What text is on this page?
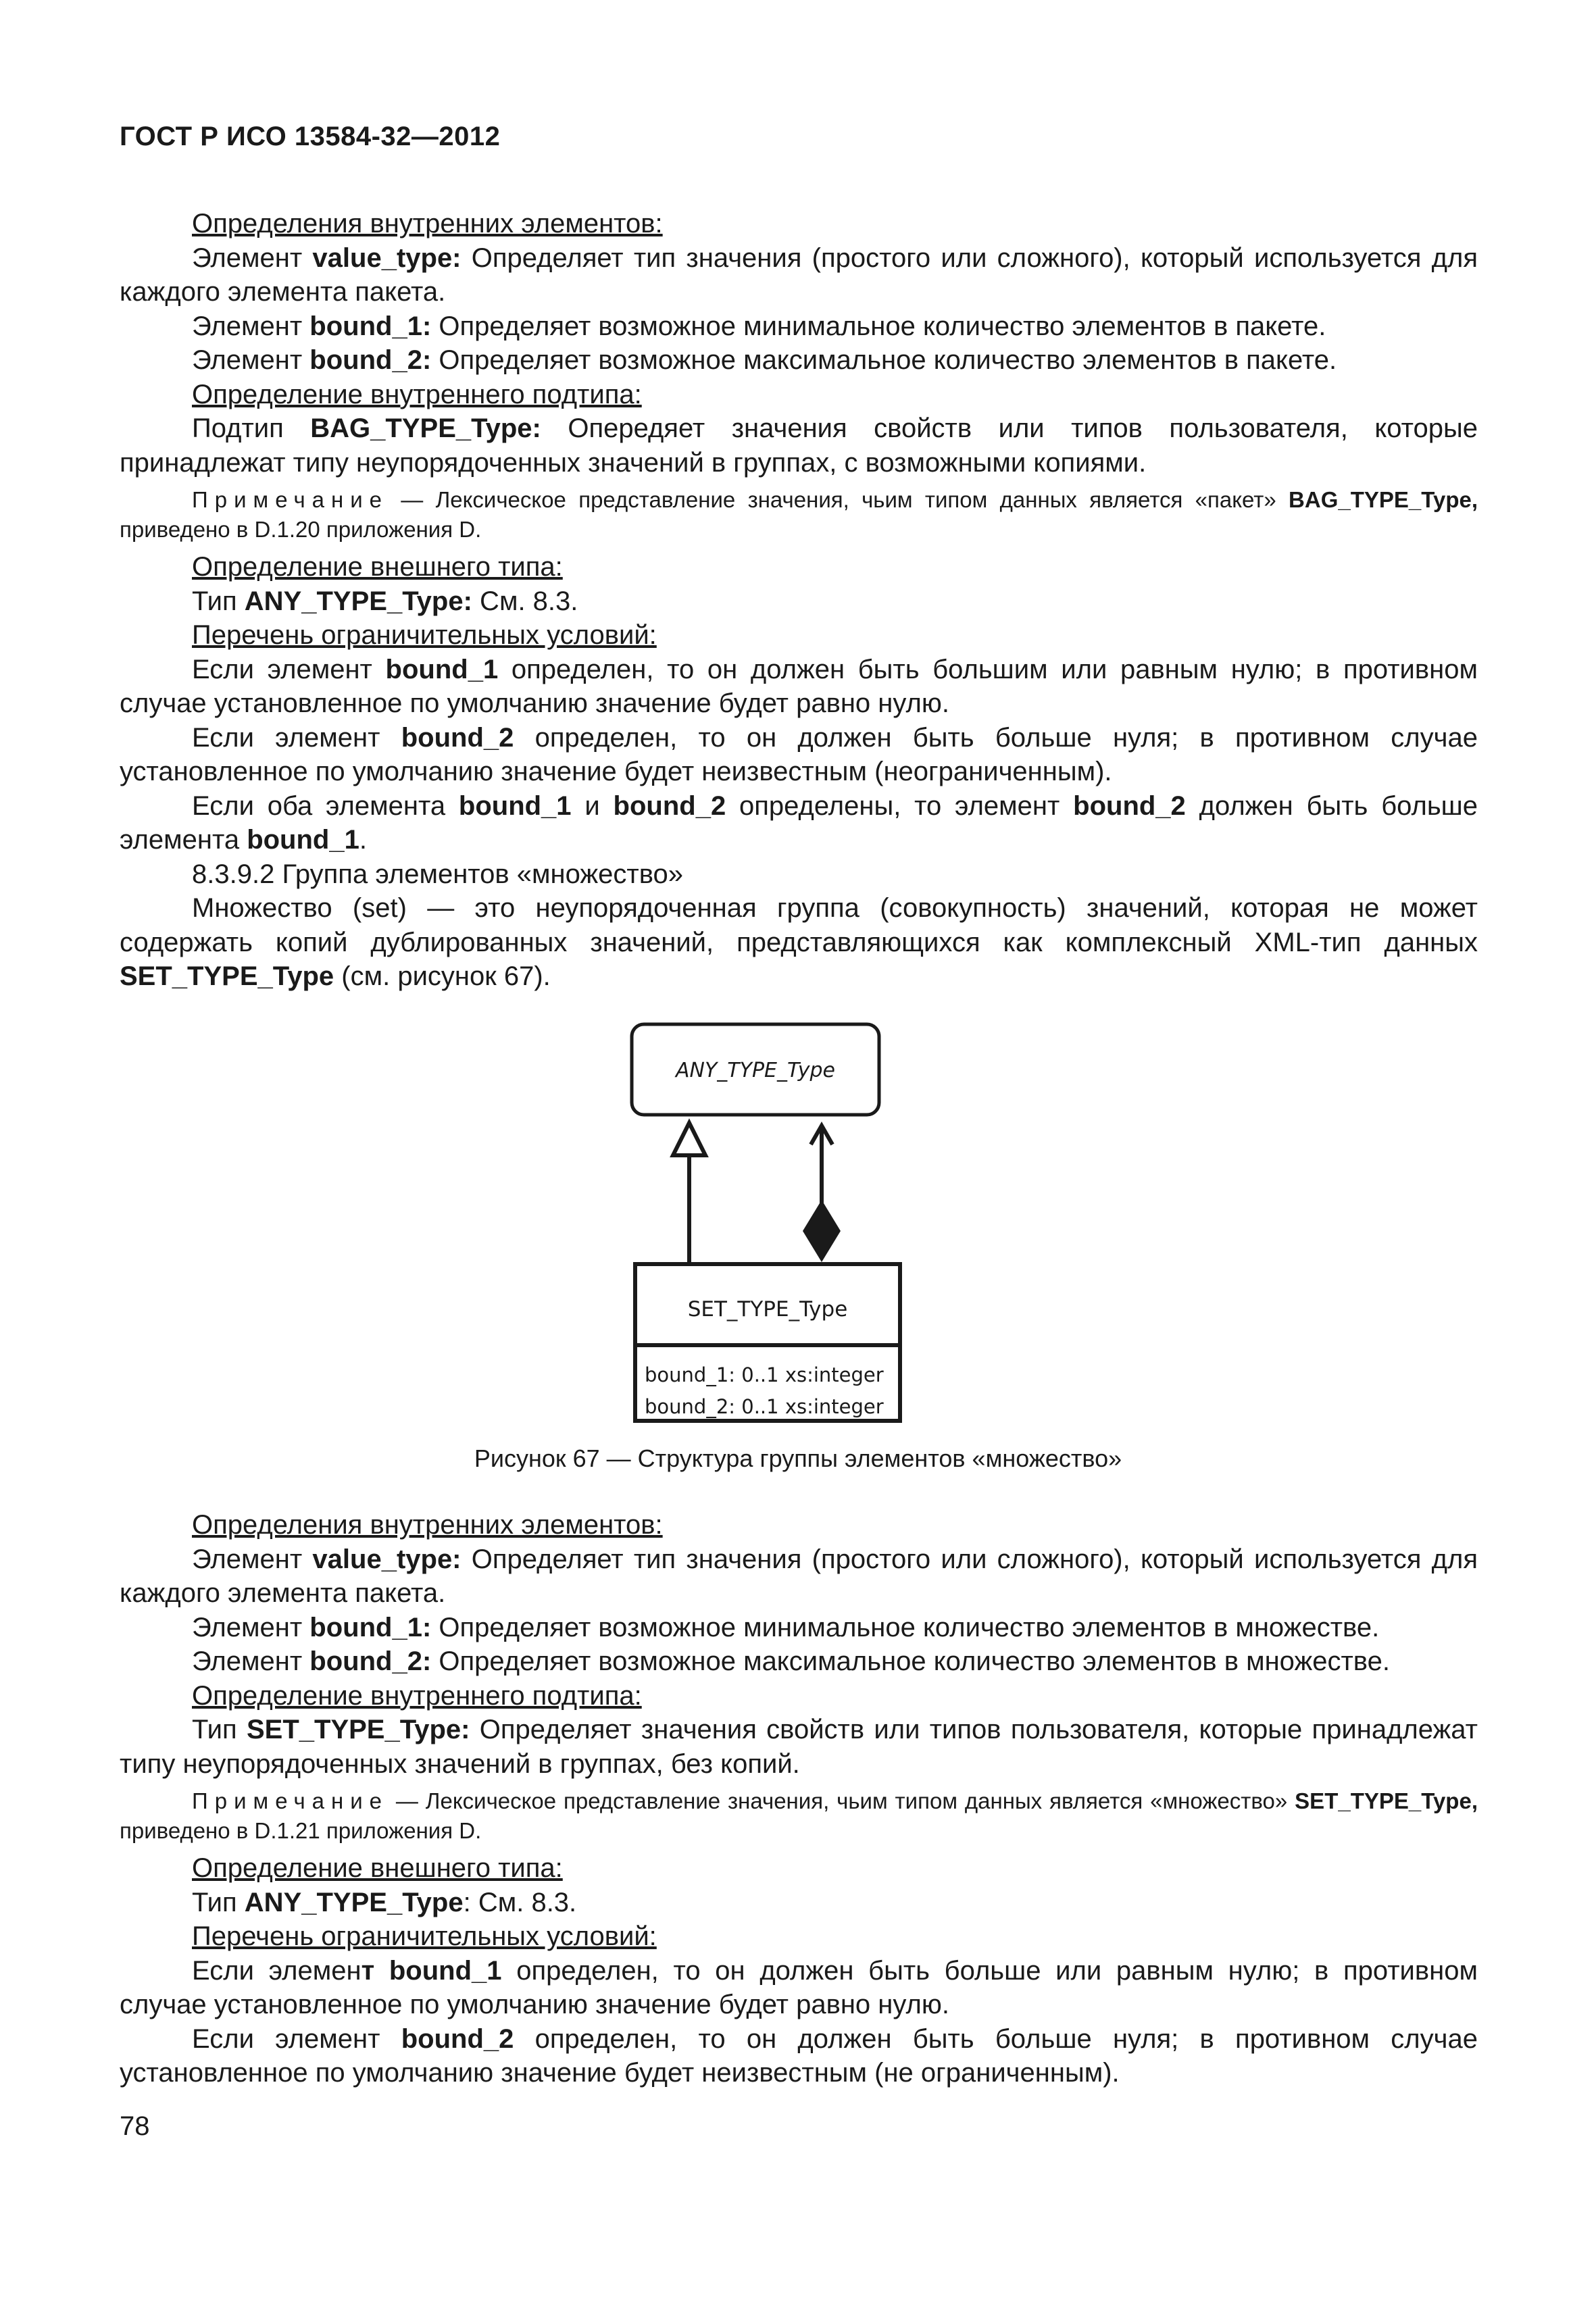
ГОСТ Р ИСО 13584-32—2012

Определения внутренних элементов:

Элемент value_type: Определяет тип значения (простого или сложного), который используется для каждого элемента пакета.

Элемент bound_1: Определяет возможное минимальное количество элементов в пакете.

Элемент bound_2: Определяет возможное максимальное количество элементов в пакете.

Определение внутреннего подтипа:

Подтип BAG_TYPE_Type: Опередяет значения свойств или типов пользователя, которые принадлежат типу неупорядоченных значений в группах, с возможными копиями.

Примечание — Лексическое представление значения, чьим типом данных является «пакет» BAG_TYPE_Type, приведено в D.1.20 приложения D.

Определение внешнего типа:

Тип ANY_TYPE_Type: См. 8.3.

Перечень ограничительных условий:

Если элемент bound_1 определен, то он должен быть большим или равным нулю; в противном случае установленное по умолчанию значение будет равно нулю.

Если элемент bound_2 определен, то он должен быть больше нуля; в противном случае установленное по умолчанию значение будет неизвестным (неограниченным).

Если оба элемента bound_1 и bound_2 определены, то элемент bound_2 должен быть больше элемента bound_1.

8.3.9.2 Группа элементов «множество»

Множество (set) — это неупорядоченная группа (совокупность) значений, которая не может содержать копий дублированных значений, представляющихся как комплексный XML-тип данных SET_TYPE_Type (см. рисунок 67).

ANY_TYPE_Type
SET_TYPE_Type
bound_1: 0..1 xs:integer
bound_2: 0..1 xs:integer
Рисунок 67 — Структура группы элементов «множество»

Определения внутренних элементов:

Элемент value_type: Определяет тип значения (простого или сложного), который используется для каждого элемента пакета.

Элемент bound_1: Определяет возможное минимальное количество элементов в множестве.

Элемент bound_2: Определяет возможное максимальное количество элементов в множестве.

Определение внутреннего подтипа:

Тип SET_TYPE_Type: Определяет значения свойств или типов пользователя, которые принадлежат типу неупорядоченных значений в группах, без копий.

Примечание — Лексическое представление значения, чьим типом данных является «множество» SET_TYPE_Type, приведено в D.1.21 приложения D.

Определение внешнего типа:

Тип ANY_TYPE_Type: См. 8.3.

Перечень ограничительных условий:

Если элемент bound_1 определен, то он должен быть больше или равным нулю; в противном случае установленное по умолчанию значение будет равно нулю.

Если элемент bound_2 определен, то он должен быть больше нуля; в противном случае установленное по умолчанию значение будет неизвестным (не ограниченным).

78
